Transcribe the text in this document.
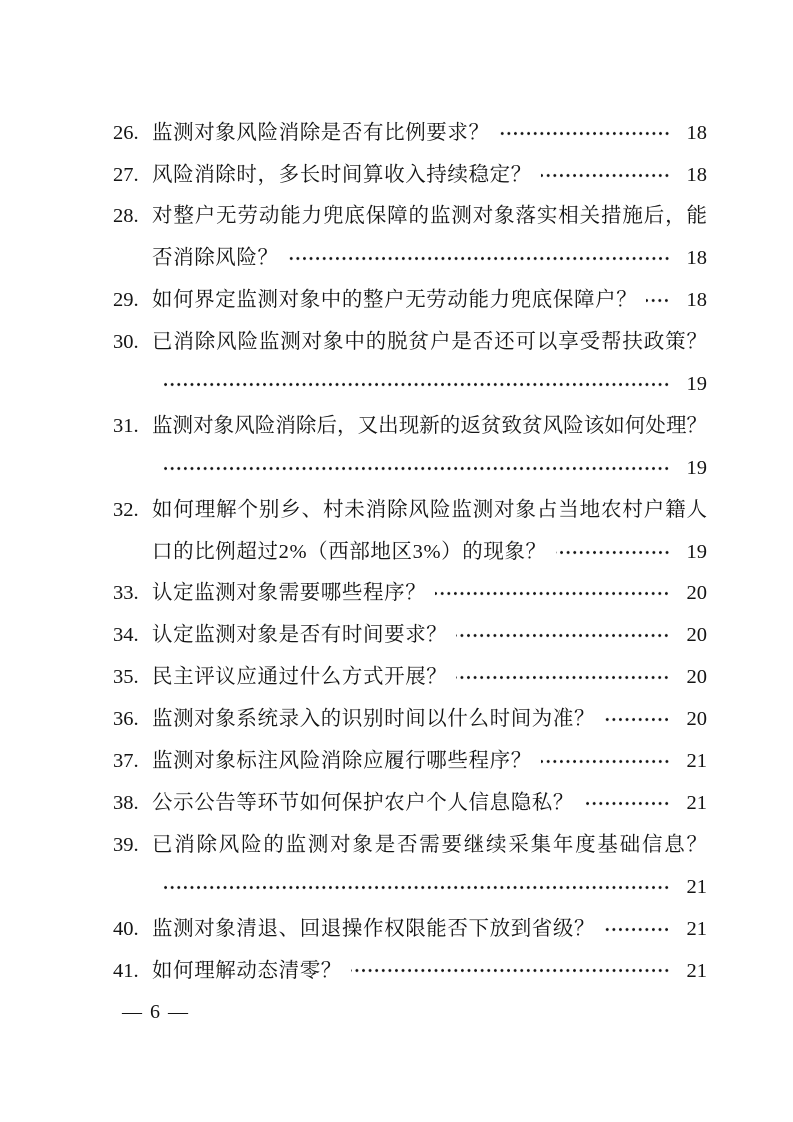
26. 监测对象风险消除是否有比例要求？	18
27. 风险消除时，多长时间算收入持续稳定？	18
28. 对整户无劳动能力兜底保障的监测对象落实相关措施后，能
否消除风险？	18
29. 如何界定监测对象中的整户无劳动能力兜底保障户？	18
30. 已消除风险监测对象中的脱贫户是否还可以享受帮扶政策？
19
31. 监测对象风险消除后，又出现新的返贫致贫风险该如何处理？
19
32. 如何理解个别乡、村未消除风险监测对象占当地农村户籍人
口的比例超过2%（西部地区3%）的现象？	19
33. 认定监测对象需要哪些程序？	20
34. 认定监测对象是否有时间要求？	20
35. 民主评议应通过什么方式开展？	20
36. 监测对象系统录入的识别时间以什么时间为准？	20
37. 监测对象标注风险消除应履行哪些程序？	21
38. 公示公告等环节如何保护农户个人信息隐私？	21
39. 已消除风险的监测对象是否需要继续采集年度基础信息？
21
40. 监测对象清退、回退操作权限能否下放到省级？	21
41. 如何理解动态清零？	21
— 6 —
